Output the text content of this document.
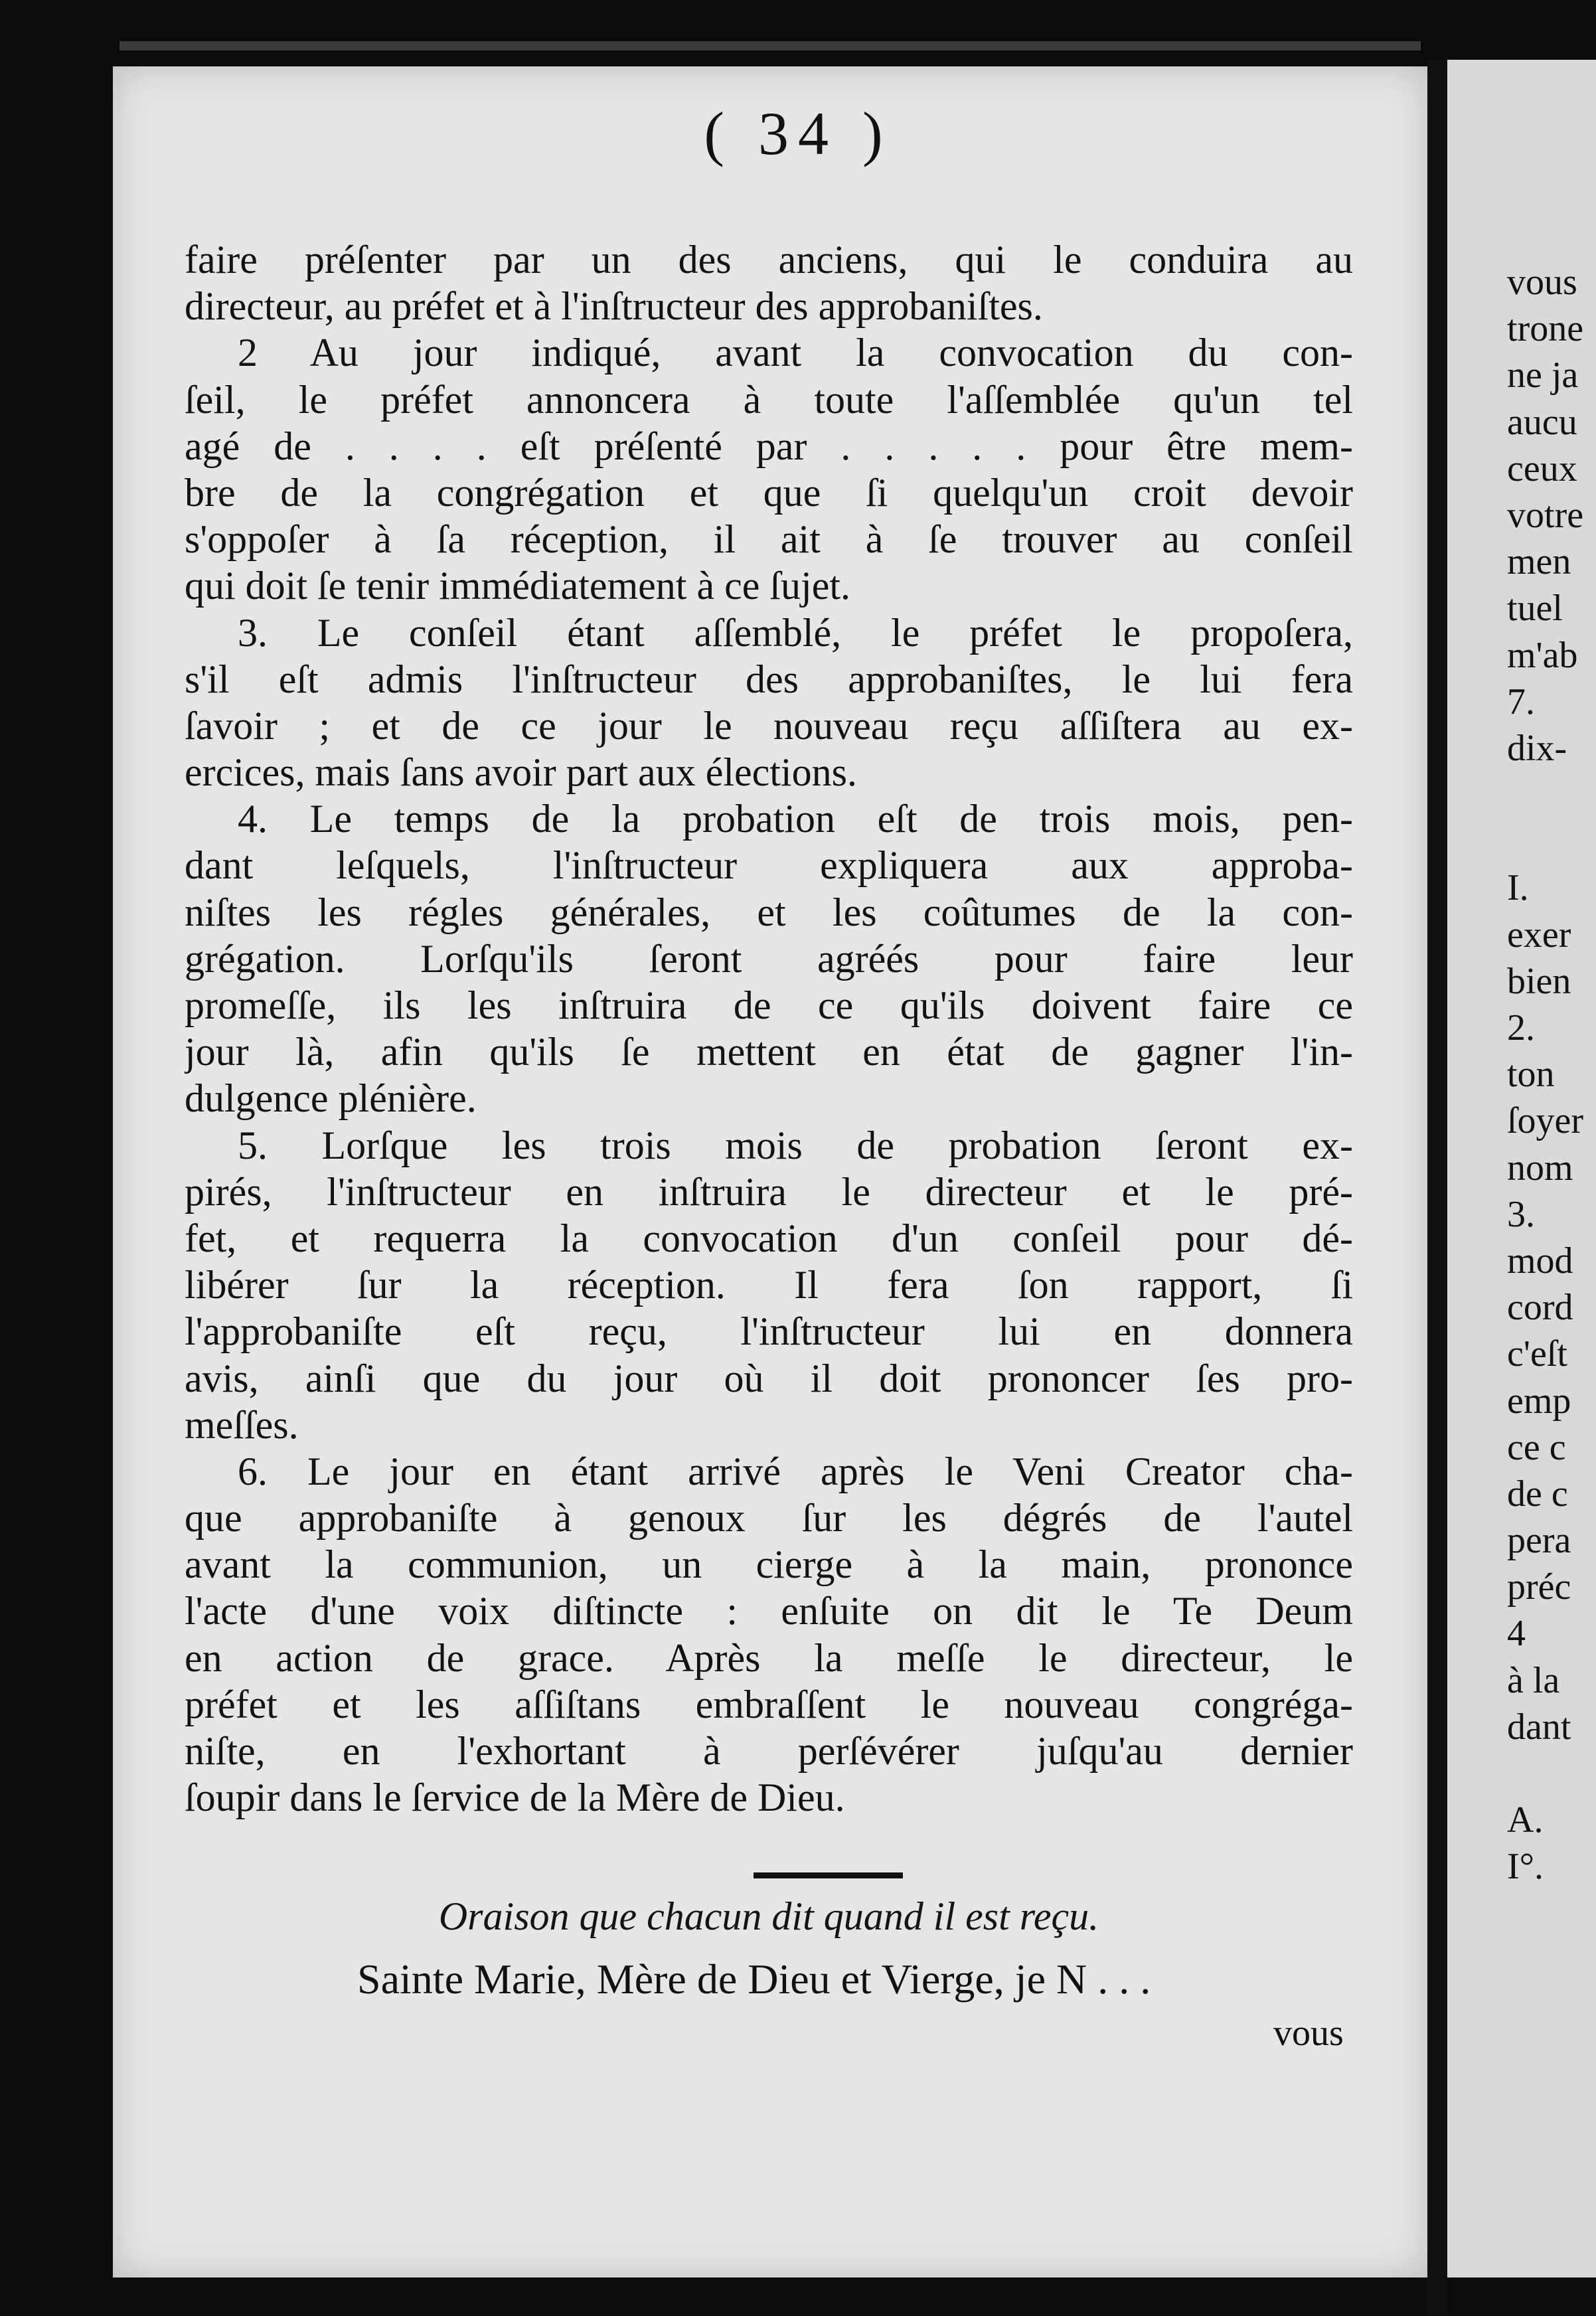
( 34 )
faire préſenter par un des anciens, qui le conduira au
directeur, au préfet et à l'inſtructeur des approbaniſtes.
2 Au jour indiqué, avant la convocation du con-
ſeil, le préfet annoncera à toute l'aſſemblée qu'un tel
agé de . . . . eſt préſenté par . . . . . pour être mem-
bre de la congrégation et que ſi quelqu'un croit devoir
s'oppoſer à ſa réception, il ait à ſe trouver au conſeil
qui doit ſe tenir immédiatement à ce ſujet.
3. Le conſeil étant aſſemblé, le préfet le propoſera,
s'il eſt admis l'inſtructeur des approbaniſtes, le lui fera
ſavoir ; et de ce jour le nouveau reçu aſſiſtera au ex-
ercices, mais ſans avoir part aux élections.
4. Le temps de la probation eſt de trois mois, pen-
dant leſquels, l'inſtructeur expliquera aux approba-
niſtes les régles générales, et les coûtumes de la con-
grégation. Lorſqu'ils ſeront agréés pour faire leur
promeſſe, ils les inſtruira de ce qu'ils doivent faire ce
jour là, afin qu'ils ſe mettent en état de gagner l'in-
dulgence plénière.
5. Lorſque les trois mois de probation ſeront ex-
pirés, l'inſtructeur en inſtruira le directeur et le pré-
fet, et requerra la convocation d'un conſeil pour dé-
libérer ſur la réception. Il fera ſon rapport, ſi
l'approbaniſte eſt reçu, l'inſtructeur lui en donnera
avis, ainſi que du jour où il doit prononcer ſes pro-
meſſes.
6. Le jour en étant arrivé après le Veni Creator cha-
que approbaniſte à genoux ſur les dégrés de l'autel
avant la communion, un cierge à la main, prononce
l'acte d'une voix diſtincte : enſuite on dit le Te Deum
en action de grace. Après la meſſe le directeur, le
préfet et les aſſiſtans embraſſent le nouveau congréga-
niſte, en l'exhortant à perſévérer juſqu'au dernier
ſoupir dans le ſervice de la Mère de Dieu.
Oraison que chacun dit quand il est reçu.
Sainte Marie, Mère de Dieu et Vierge, je N . . .
vous
vous
trone
ne ja
aucu
ceux
votre
men
tuel
m'ab
7.
dix-
I.
exer
bien
2.
ton
ſoyer
nom
3.
mod
cord
c'eſt
emp
ce c
de c
pera
préc
4
à la
dant
A.
I°.
